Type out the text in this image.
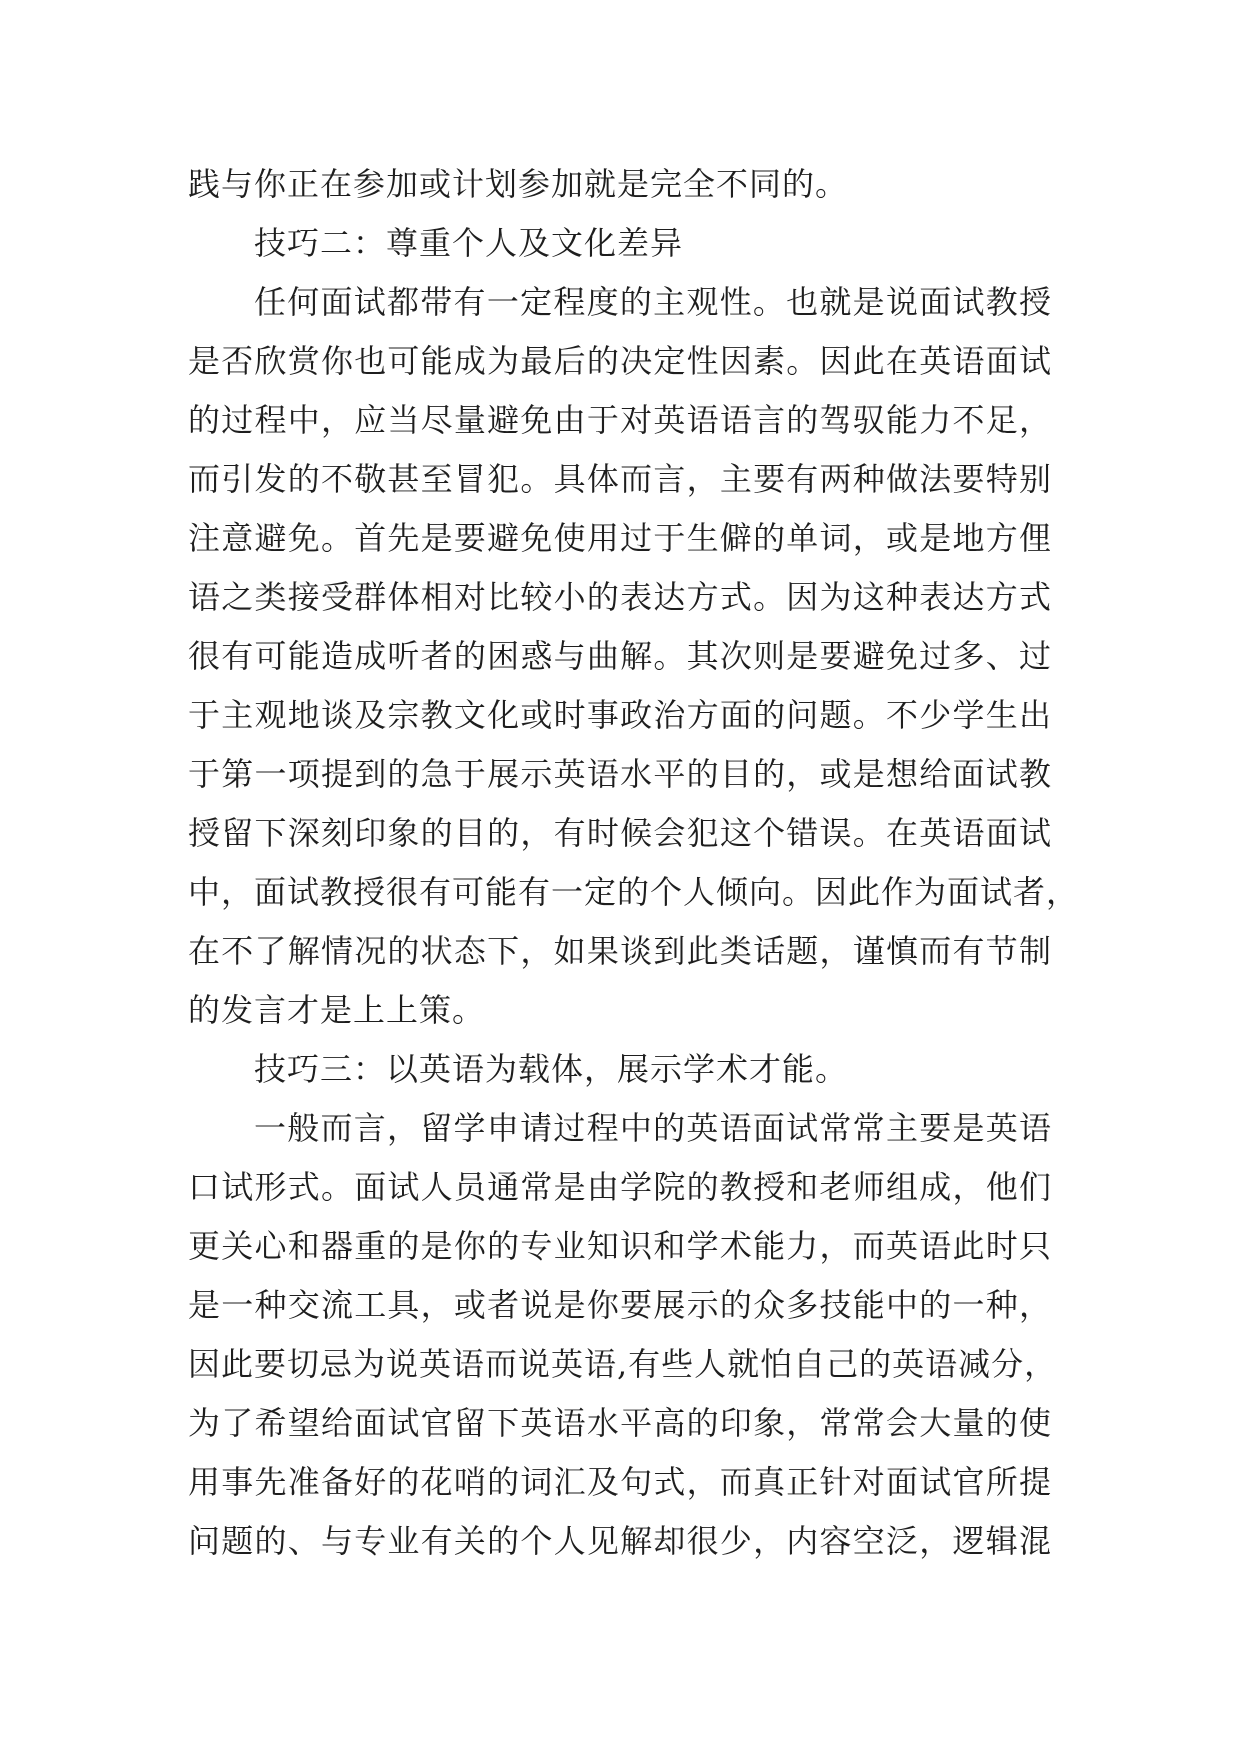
践与你正在参加或计划参加就是完全不同的。
技巧二：尊重个人及文化差异
任何面试都带有一定程度的主观性。也就是说面试教授
是否欣赏你也可能成为最后的决定性因素。因此在英语面试
的过程中，应当尽量避免由于对英语语言的驾驭能力不足，
而引发的不敬甚至冒犯。具体而言，主要有两种做法要特别
注意避免。首先是要避免使用过于生僻的单词，或是地方俚
语之类接受群体相对比较小的表达方式。因为这种表达方式
很有可能造成听者的困惑与曲解。其次则是要避免过多、过
于主观地谈及宗教文化或时事政治方面的问题。不少学生出
于第一项提到的急于展示英语水平的目的，或是想给面试教
授留下深刻印象的目的，有时候会犯这个错误。在英语面试
中，面试教授很有可能有一定的个人倾向。因此作为面试者，
在不了解情况的状态下，如果谈到此类话题，谨慎而有节制
的发言才是上上策。
技巧三：以英语为载体，展示学术才能。
一般而言，留学申请过程中的英语面试常常主要是英语
口试形式。面试人员通常是由学院的教授和老师组成，他们
更关心和器重的是你的专业知识和学术能力，而英语此时只
是一种交流工具，或者说是你要展示的众多技能中的一种，
因此要切忌为说英语而说英语,有些人就怕自己的英语减分，
为了希望给面试官留下英语水平高的印象，常常会大量的使
用事先准备好的花哨的词汇及句式，而真正针对面试官所提
问题的、与专业有关的个人见解却很少，内容空泛，逻辑混
